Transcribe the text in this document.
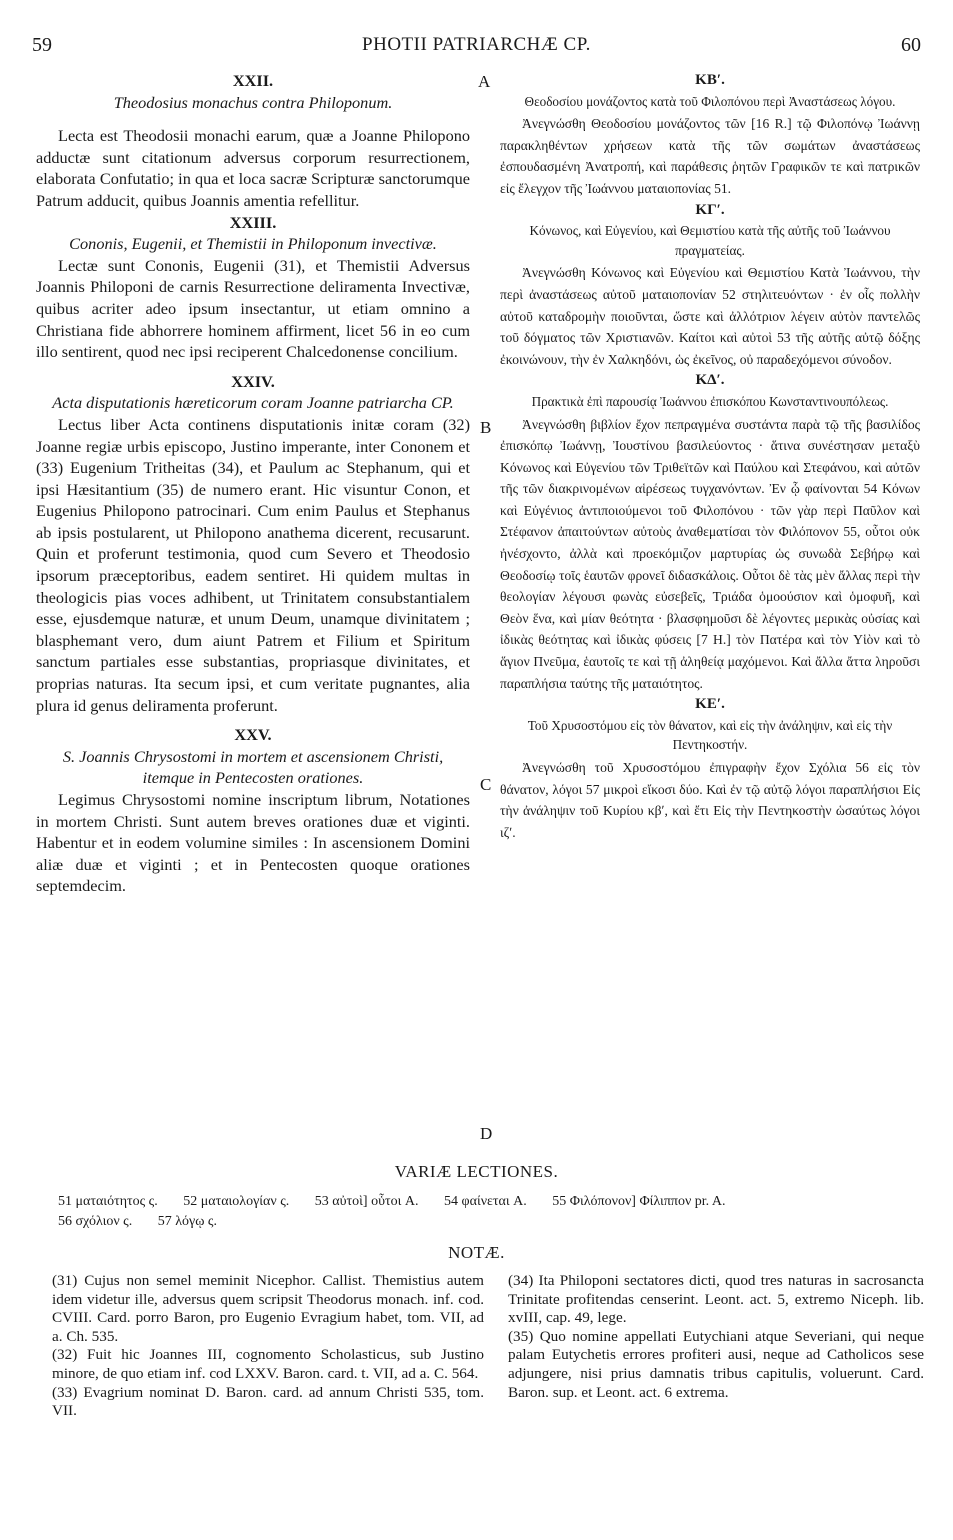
59	PHOTII PATRIARCHÆ CP.	60
A
B
C
D
XXII.
Theodosius monachus contra Philoponum.

Lecta est Theodosii monachi earum, quæ a Joanne Philopono adductæ sunt citationum adversus corporum resurrectionem, elaborata Confutatio; in qua et loca sacræ Scripturæ sanctorumque Patrum adducit, quibus Joannis amentia refellitur.

XXIII.
Cononis, Eugenii, et Themistii in Philoponum invectivæ.

Lectæ sunt Cononis, Eugenii (31), et Themistii Adversus Joannis Philoponi de carnis Resurrectione deliramenta Invectivæ, quibus acriter adeo ipsum insectantur, ut etiam omnino a Christiana fide abhorrere hominem affirment, licet 56 in eo cum illo sentirent, quod nec ipsi reciperent Chalcedonense concilium.

XXIV.
Acta disputationis hæreticorum coram Joanne patriarcha CP.

Lectus liber Acta continens disputationis initæ coram (32) Joanne regiæ urbis episcopo, Justino imperante, inter Cononem et (33) Eugenium Tritheitas (34), et Paulum ac Stephanum, qui et ipsi Hæsitantium (35) de numero erant. Hic visuntur Conon, et Eugenius Philopono patrocinari. Cum enim Paulus et Stephanus ab ipsis postularent, ut Philopono anathema dicerent, recusarunt. Quin et proferunt testimonia, quod cum Severo et Theodosio ipsorum præceptoribus, eadem sentiret. Hi quidem multas in theologicis pias voces adhibent, ut Trinitatem consubstantialem esse, ejusdemque naturæ, et unum Deum, unamque divinitatem ; blasphemant vero, dum aiunt Patrem et Filium et Spiritum sanctum partiales esse substantias, propriasque divinitates, et proprias naturas. Ita secum ipsi, et cum veritate pugnantes, alia plura id genus deliramenta proferunt.

XXV.
S. Joannis Chrysostomi in mortem et ascensionem Christi, itemque in Pentecosten orationes.

Legimus Chrysostomi nomine inscriptum librum, Notationes in mortem Christi. Sunt autem breves orationes duæ et viginti. Habentur et in eodem volumine similes : In ascensionem Domini aliæ duæ et viginti ; et in Pentecosten quoque orationes septemdecim.

ΚΒʹ.
Θεοδοσίου μονάζοντος κατὰ τοῦ Φιλοπόνου περὶ Ἀναστάσεως λόγου.

Ἀνεγνώσθη Θεοδοσίου μονάζοντος τῶν [16 R.] τῷ Φιλοπόνῳ Ἰωάννῃ παρακληθέντων χρήσεων κατὰ τῆς τῶν σωμάτων ἀναστάσεως ἐσπουδασμένη Ἀνατροπή, καὶ παράθεσις ῥητῶν Γραφικῶν τε καὶ πατρικῶν εἰς ἔλεγχον τῆς Ἰωάννου ματαιοπονίας 51.

ΚΓʹ.
Κόνωνος, καὶ Εὐγενίου, καὶ Θεμιστίου κατὰ τῆς αὐτῆς τοῦ Ἰωάννου πραγματείας.

Ἀνεγνώσθη Κόνωνος καὶ Εὐγενίου καὶ Θεμιστίου Κατὰ Ἰωάννου, τὴν περὶ ἀναστάσεως αὐτοῦ ματαιοπονίαν 52 στηλιτευόντων · ἐν οἷς πολλὴν αὐτοῦ καταδρομὴν ποιοῦνται, ὥστε καὶ ἀλλότριον λέγειν αὐτὸν παντελῶς τοῦ δόγματος τῶν Χριστιανῶν. Καίτοι καὶ αὐτοὶ 53 τῆς αὐτῆς αὐτῷ δόξης ἐκοινώνουν, τὴν ἐν Χαλκηδόνι, ὡς ἐκεῖνος, οὐ παραδεχόμενοι σύνοδον.

ΚΔʹ.
Πρακτικὰ ἐπὶ παρουσίᾳ Ἰωάννου ἐπισκόπου Κωνσταντινουπόλεως.

Ἀνεγνώσθη βιβλίον ἔχον πεπραγμένα συστάντα παρὰ τῷ τῆς βασιλίδος ἐπισκόπῳ Ἰωάννῃ, Ἰουστίνου βασιλεύοντος · ἅτινα συνέστησαν μεταξὺ Κόνωνος καὶ Εὐγενίου τῶν Τριθεϊτῶν καὶ Παύλου καὶ Στεφάνου, καὶ αὐτῶν τῆς τῶν διακρινομένων αἱρέσεως τυγχανόντων. Ἐν ᾧ φαίνονται 54 Κόνων καὶ Εὐγένιος ἀντιποιούμενοι τοῦ Φιλοπόνου · τῶν γὰρ περὶ Παῦλον καὶ Στέφανον ἀπαιτούντων αὐτοὺς ἀναθεματίσαι τὸν Φιλόπονον 55, οὗτοι οὐκ ἠνέσχοντο, ἀλλὰ καὶ προεκόμιζον μαρτυρίας ὡς συνωδὰ Σεβήρῳ καὶ Θεοδοσίῳ τοῖς ἑαυτῶν φρονεῖ διδασκάλοις. Οὗτοι δὲ τὰς μὲν ἄλλας περὶ τὴν θεολογίαν λέγουσι φωνὰς εὐσεβεῖς, Τριάδα ὁμοούσιον καὶ ὁμοφυῆ, καὶ Θεὸν ἕνα, καὶ μίαν θεότητα · βλασφημοῦσι δὲ λέγοντες μερικὰς οὐσίας καὶ ἰδικὰς θεότητας καὶ ἰδικὰς φύσεις [7 H.] τὸν Πατέρα καὶ τὸν Υἱὸν καὶ τὸ ἅγιον Πνεῦμα, ἑαυτοῖς τε καὶ τῇ ἀληθείᾳ μαχόμενοι. Καὶ ἄλλα ἄττα ληροῦσι παραπλήσια ταύτης τῆς ματαιότητος.

ΚΕʹ.
Τοῦ Χρυσοστόμου εἰς τὸν θάνατον, καὶ εἰς τὴν ἀνάληψιν, καὶ εἰς τὴν Πεντηκοστήν.

Ἀνεγνώσθη τοῦ Χρυσοστόμου ἐπιγραφὴν ἔχον Σχόλια 56 εἰς τὸν θάνατον, λόγοι 57 μικροὶ εἴκοσι δύο. Καὶ ἐν τῷ αὐτῷ λόγοι παραπλήσιοι Εἰς τὴν ἀνάληψιν τοῦ Κυρίου κβʹ, καὶ ἔτι Εἰς τὴν Πεντηκοστὴν ὡσαύτως λόγοι ιζʹ.

VARIÆ LECTIONES.
51 ματαιότητος ς. 52 ματαιολογίαν ς. 53 αὐτοὶ] οὗτοι A. 54 φαίνεται A. 55 Φιλόπονον] Φίλιππον pr. A.
56 σχόλιον ς. 57 λόγῳ ς.
NOTÆ.

(31) Cujus non semel meminit Nicephor. Callist. Themistius autem idem videtur ille, adversus quem scripsit Theodorus monach. inf. cod. CVIII. Card. porro Baron, pro Eugenio Evragium habet, tom. VII, ad a. Ch. 535.

(32) Fuit hic Joannes III, cognomento Scholasticus, sub Justino minore, de quo etiam inf. cod LXXV. Baron. card. t. VII, ad a. C. 564.

(33) Evagrium nominat D. Baron. card. ad annum Christi 535, tom. VII.

(34) Ita Philoponi sectatores dicti, quod tres naturas in sacrosancta Trinitate profitendas censerint. Leont. act. 5, extremo Niceph. lib. xvIII, cap. 49, lege.

(35) Quo nomine appellati Eutychiani atque Severiani, qui neque palam Eutychetis errores profiteri ausi, neque ad Catholicos sese adjungere, nisi prius damnatis tribus capitulis, voluerunt. Card. Baron. sup. et Leont. act. 6 extrema.
